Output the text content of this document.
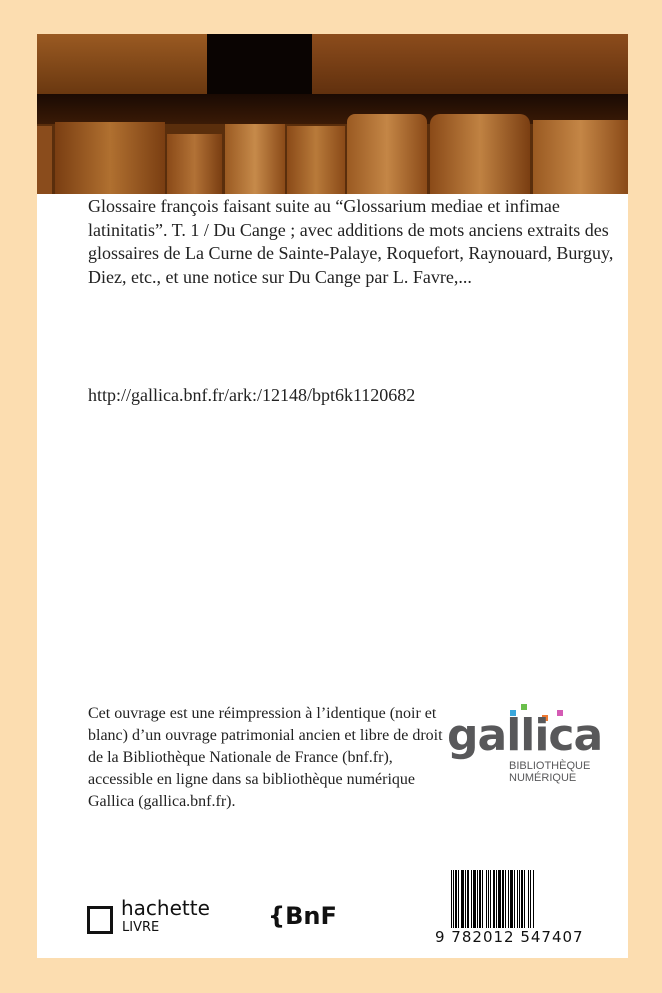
Glossaire françois faisant suite au “Glossarium mediae et infimae latinitatis”. T. 1 / Du Cange ; avec additions de mots anciens extraits des glossaires de La Curne de Sainte-Palaye, Roquefort, Raynouard, Burguy, Diez, etc., et une notice sur Du Cange par L. Favre,...
http://gallica.bnf.fr/ark:/12148/bpt6k1120682
Cet ouvrage est une réimpression à l’identique (noir et blanc) d’un ouvrage patrimonial ancien et libre de droit de la Bibliothèque Nationale de France (bnf.fr), accessible en ligne dans sa bibliothèque numérique Gallica (gallica.bnf.fr).
gallica
BIBLIOTHÈQUE
NUMÉRIQUE
hachette
LIVRE	{BnF
9 782012 547407
